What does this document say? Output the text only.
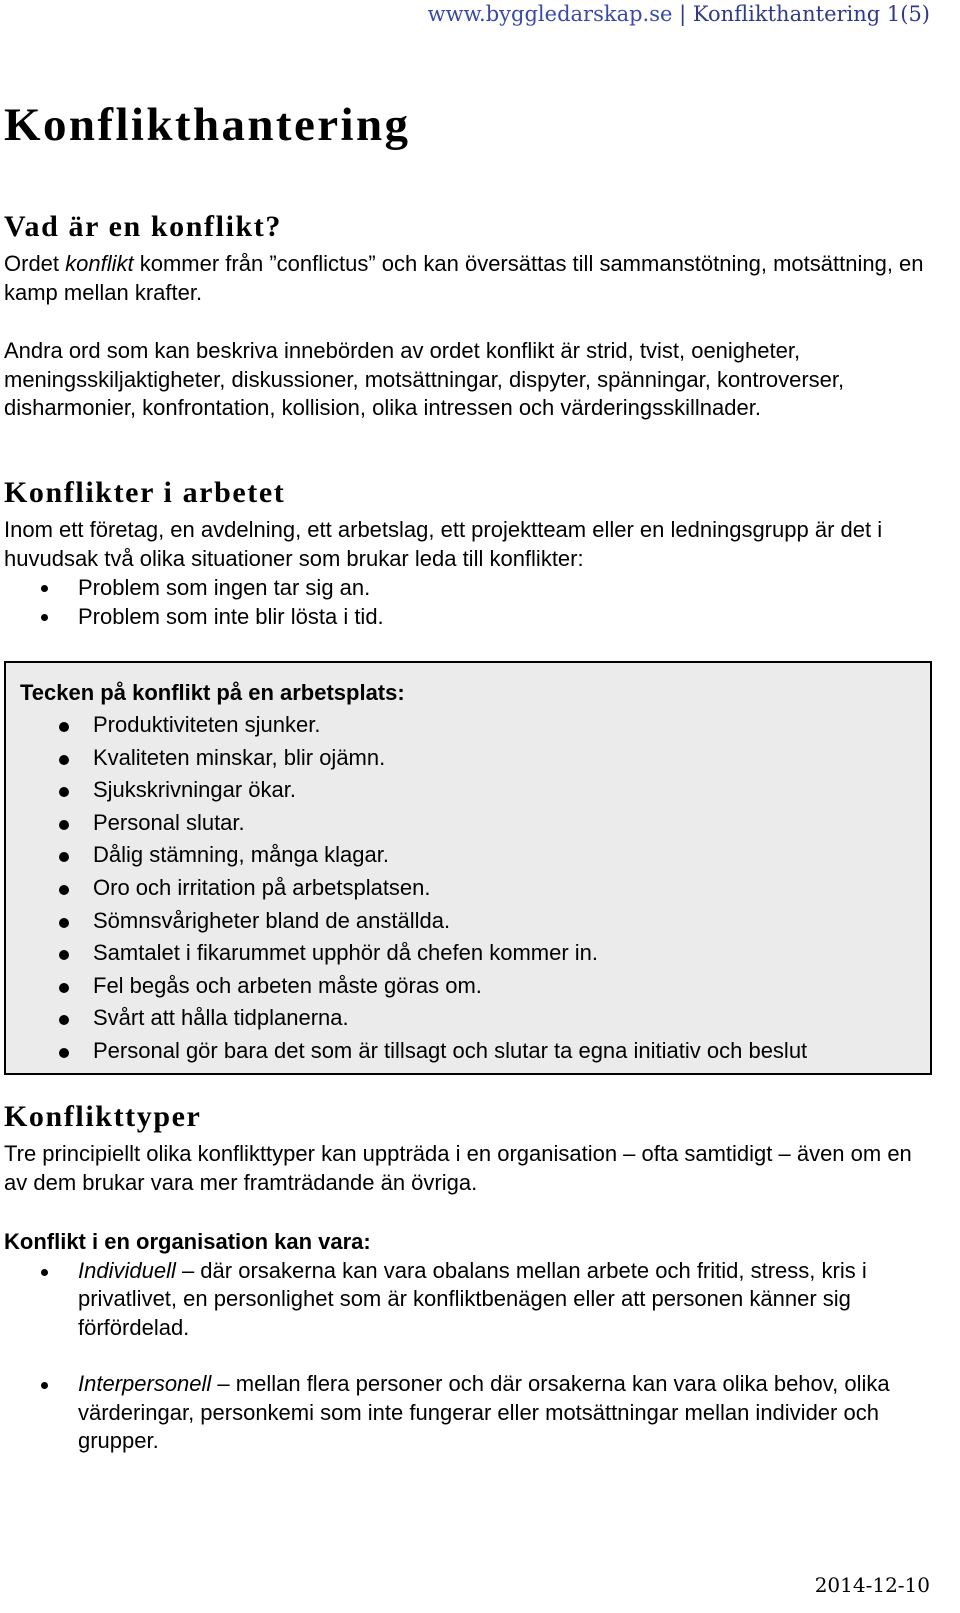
www.byggledarskap.se | Konflikthantering 1(5)
Konflikthantering
Vad är en konflikt?
Ordet konflikt kommer från ”conflictus” och kan översättas till sammanstötning, motsättning, en kamp mellan krafter.
Andra ord som kan beskriva innebörden av ordet konflikt är strid, tvist, oenigheter, meningsskiljaktigheter, diskussioner, motsättningar, dispyter, spänningar, kontroverser, disharmonier, konfrontation, kollision, olika intressen och värderingsskillnader.
Konflikter i arbetet
Inom ett företag, en avdelning, ett arbetslag, ett projektteam eller en ledningsgrupp är det i huvudsak två olika situationer som brukar leda till konflikter:
Problem som ingen tar sig an.
Problem som inte blir lösta i tid.
Tecken på konflikt på en arbetsplats:
Produktiviteten sjunker.
Kvaliteten minskar, blir ojämn.
Sjukskrivningar ökar.
Personal slutar.
Dålig stämning, många klagar.
Oro och irritation på arbetsplatsen.
Sömnsvårigheter bland de anställda.
Samtalet i fikarummet upphör då chefen kommer in.
Fel begås och arbeten måste göras om.
Svårt att hålla tidplanerna.
Personal gör bara det som är tillsagt och slutar ta egna initiativ och beslut
Konflikttyper
Tre principiellt olika konflikttyper kan uppträda i en organisation – ofta samtidigt – även om en av dem brukar vara mer framträdande än övriga.
Konflikt i en organisation kan vara:
Individuell – där orsakerna kan vara obalans mellan arbete och fritid, stress, kris i privatlivet, en personlighet som är konfliktbenägen eller att personen känner sig förfördelad.
Interpersonell – mellan flera personer och där orsakerna kan vara olika behov, olika värderingar, personkemi som inte fungerar eller motsättningar mellan individer och grupper.
2014-12-10
